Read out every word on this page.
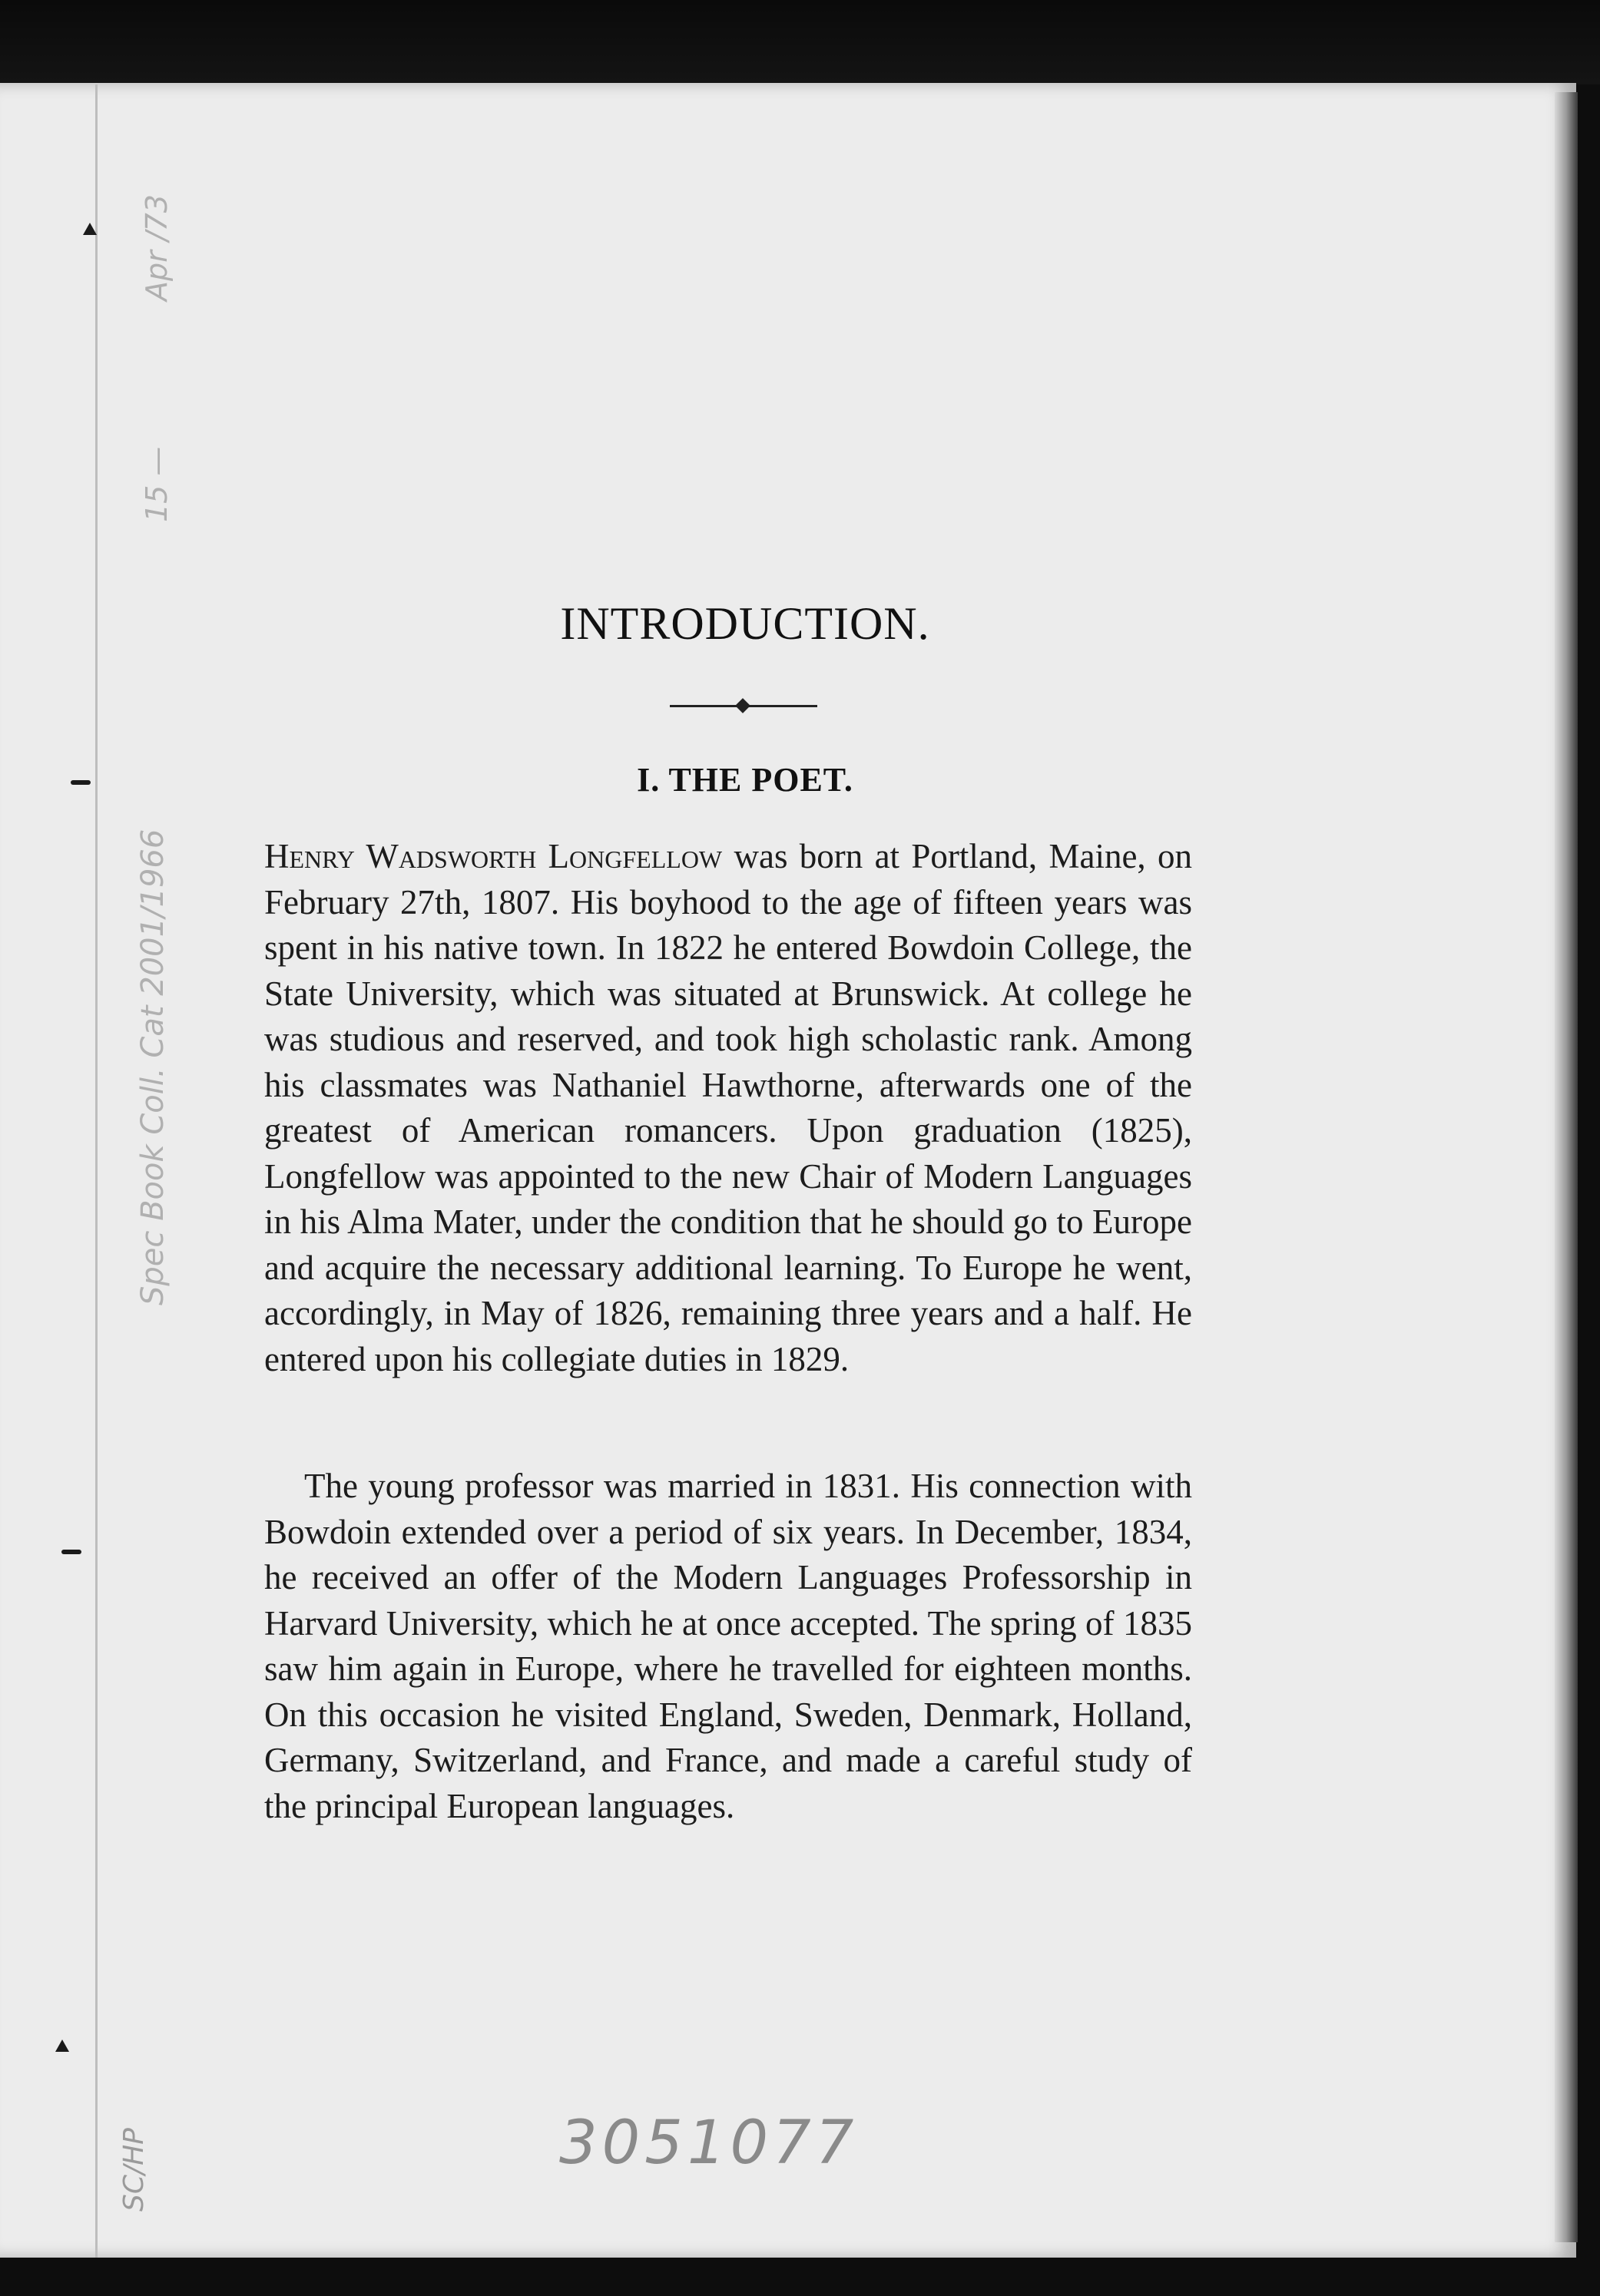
Apr /73
15 —
Spec Book Coll. Cat 2001/1966
SC/HP
INTRODUCTION.
I. THE POET.

Henry Wadsworth Longfellow was born at Portland, Maine, on February 27th, 1807. His boyhood to the age of fifteen years was spent in his native town. In 1822 he entered Bowdoin College, the State University, which was situated at Brunswick. At college he was studious and reserved, and took high scholastic rank. Among his classmates was Nathaniel Hawthorne, afterwards one of the greatest of American romancers. Upon graduation (1825), Longfellow was appointed to the new Chair of Modern Languages in his Alma Mater, under the condition that he should go to Europe and acquire the necessary additional learning. To Europe he went, accordingly, in May of 1826, remaining three years and a half. He entered upon his collegiate duties in 1829.

The young professor was married in 1831. His connection with Bowdoin extended over a period of six years. In December, 1834, he received an offer of the Modern Languages Professorship in Harvard University, which he at once accepted. The spring of 1835 saw him again in Europe, where he travelled for eighteen months. On this occasion he visited England, Sweden, Denmark, Holland, Germany, Switzerland, and France, and made a careful study of the principal European languages.

3051077
